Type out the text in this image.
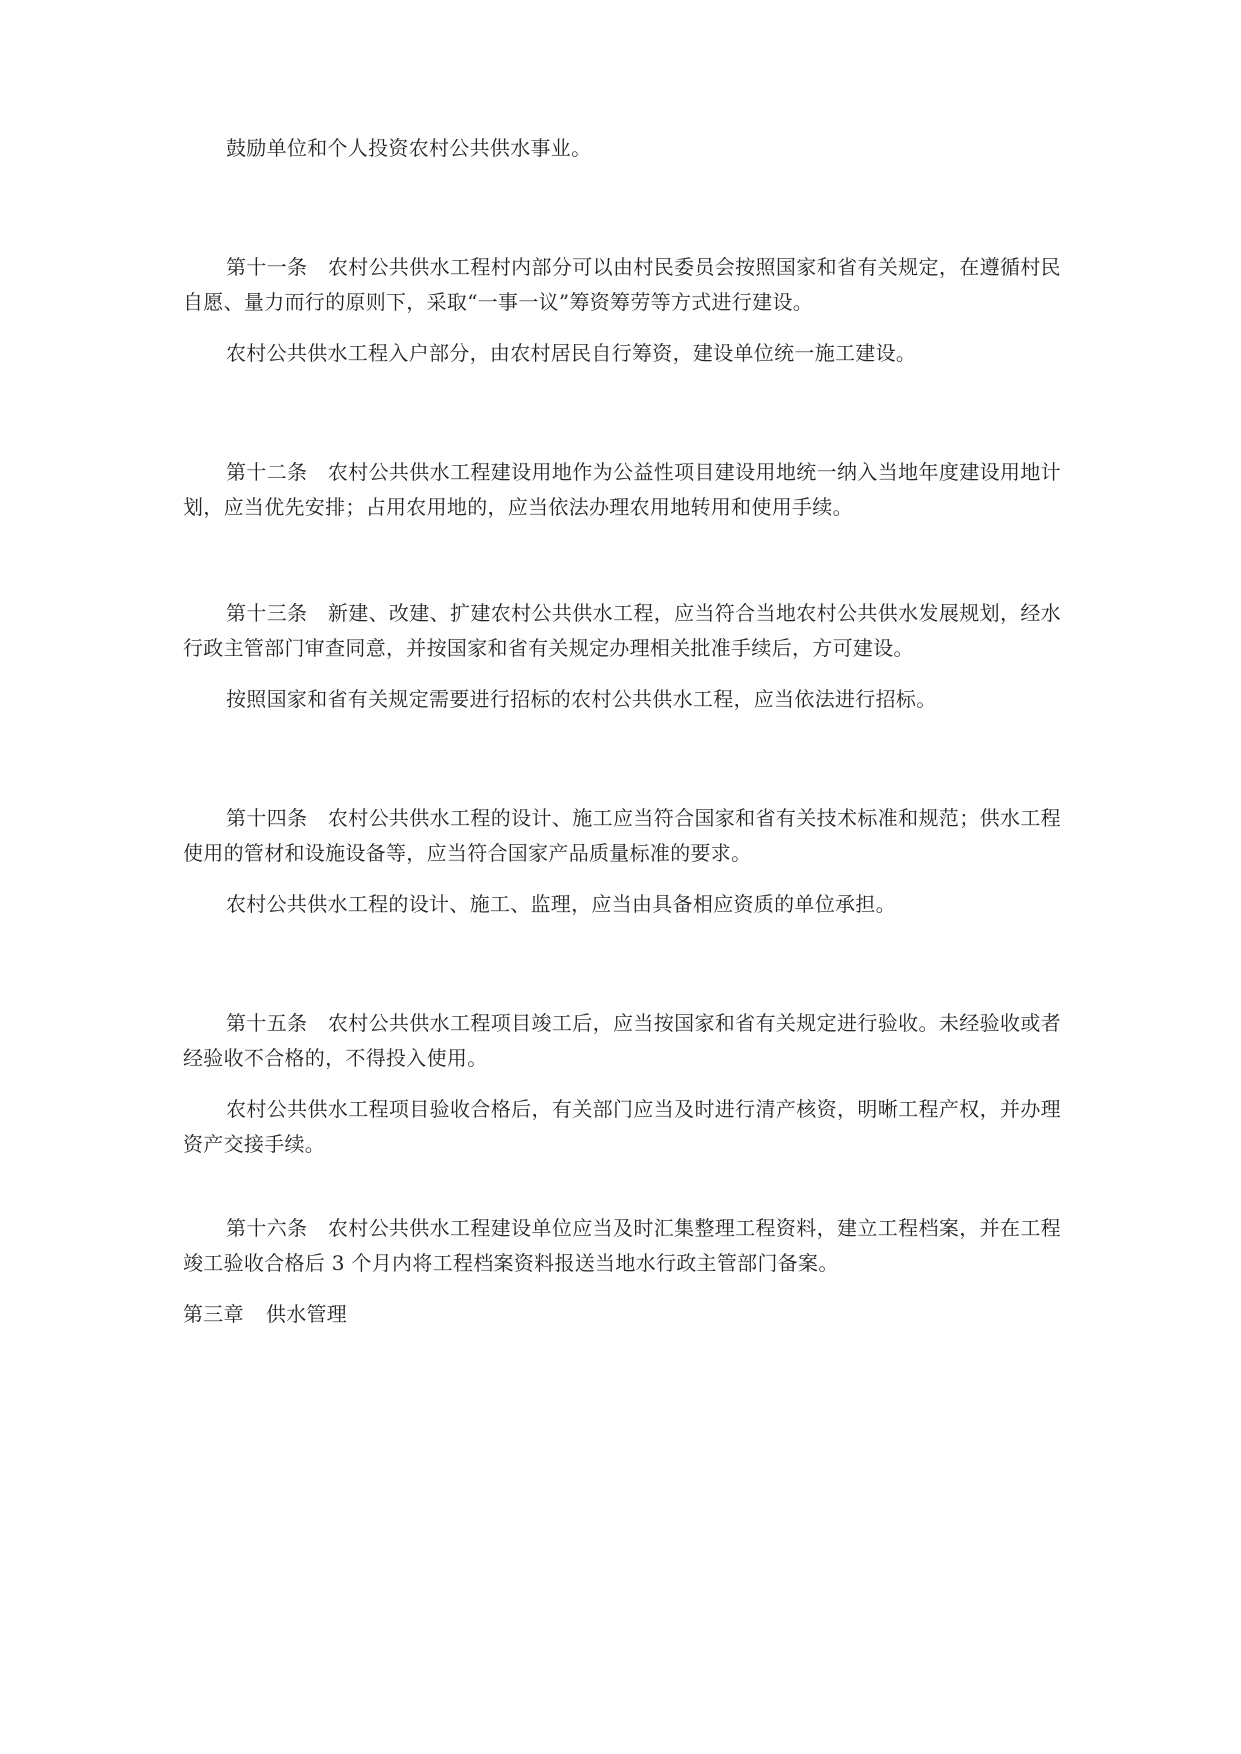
鼓励单位和个人投资农村公共供水事业。

第十一条　农村公共供水工程村内部分可以由村民委员会按照国家和省有关规定，在遵循村民自愿、量力而行的原则下，采取“一事一议”筹资筹劳等方式进行建设。

农村公共供水工程入户部分，由农村居民自行筹资，建设单位统一施工建设。

第十二条　农村公共供水工程建设用地作为公益性项目建设用地统一纳入当地年度建设用地计划，应当优先安排；占用农用地的，应当依法办理农用地转用和使用手续。

第十三条　新建、改建、扩建农村公共供水工程，应当符合当地农村公共供水发展规划，经水行政主管部门审查同意，并按国家和省有关规定办理相关批准手续后，方可建设。

按照国家和省有关规定需要进行招标的农村公共供水工程，应当依法进行招标。

第十四条　农村公共供水工程的设计、施工应当符合国家和省有关技术标准和规范；供水工程使用的管材和设施设备等，应当符合国家产品质量标准的要求。

农村公共供水工程的设计、施工、监理，应当由具备相应资质的单位承担。

第十五条　农村公共供水工程项目竣工后，应当按国家和省有关规定进行验收。未经验收或者经验收不合格的，不得投入使用。

农村公共供水工程项目验收合格后，有关部门应当及时进行清产核资，明晰工程产权，并办理资产交接手续。

第十六条　农村公共供水工程建设单位应当及时汇集整理工程资料，建立工程档案，并在工程竣工验收合格后 3 个月内将工程档案资料报送当地水行政主管部门备案。

第三章 供水管理
